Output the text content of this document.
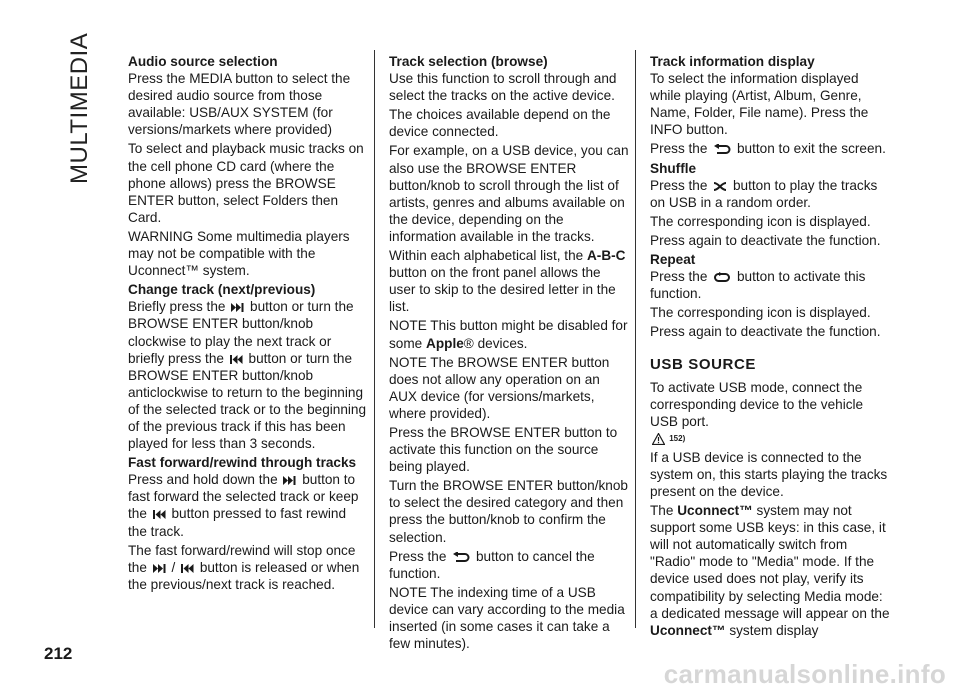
MULTIMEDIA	Audio source selection

Press the MEDIA button to select the desired audio source from those available: USB/AUX SYSTEM (for versions/markets where provided)

To select and playback music tracks on the cell phone CD card (where the phone allows) press the BROWSE ENTER button, select Folders then Card.

WARNING Some multimedia players may not be compatible with the Uconnect™ system.

Change track (next/previous)

Briefly press the button or turn the BROWSE ENTER button/knob clockwise to play the next track or briefly press the button or turn the BROWSE ENTER button/knob anticlockwise to return to the beginning of the selected track or to the beginning of the previous track if this has been played for less than 3 seconds.

Fast forward/rewind through tracks

Press and hold down the button to fast forward the selected track or keep the button pressed to fast rewind the track.

The fast forward/rewind will stop once the / button is released or when the previous/next track is reached.

Track selection (browse)

Use this function to scroll through and select the tracks on the active device.

The choices available depend on the device connected.

For example, on a USB device, you can also use the BROWSE ENTER button/knob to scroll through the list of artists, genres and albums available on the device, depending on the information available in the tracks.

Within each alphabetical list, the A-B-C button on the front panel allows the user to skip to the desired letter in the list.

NOTE This button might be disabled for some Apple® devices.

NOTE The BROWSE ENTER button does not allow any operation on an AUX device (for versions/markets, where provided).

Press the BROWSE ENTER button to activate this function on the source being played.

Turn the BROWSE ENTER button/knob to select the desired category and then press the button/knob to confirm the selection.

Press the button to cancel the function.

NOTE The indexing time of a USB device can vary according to the media inserted (in some cases it can take a few minutes).

Track information display

To select the information displayed while playing (Artist, Album, Genre, Name, Folder, File name). Press the INFO button.

Press the button to exit the screen.

Shuffle

Press the button to play the tracks on USB in a random order.

The corresponding icon is displayed.

Press again to deactivate the function.

Repeat

Press the button to activate this function.

The corresponding icon is displayed.

Press again to deactivate the function.

USB SOURCE

To activate USB mode, connect the corresponding device to the vehicle USB port.

152)

If a USB device is connected to the system on, this starts playing the tracks present on the device.

The Uconnect™ system may not support some USB keys: in this case, it will not automatically switch from "Radio" mode to "Media" mode. If the device used does not play, verify its compatibility by selecting Media mode: a dedicated message will appear on the Uconnect™ system display

212
carmanualsonline.info
